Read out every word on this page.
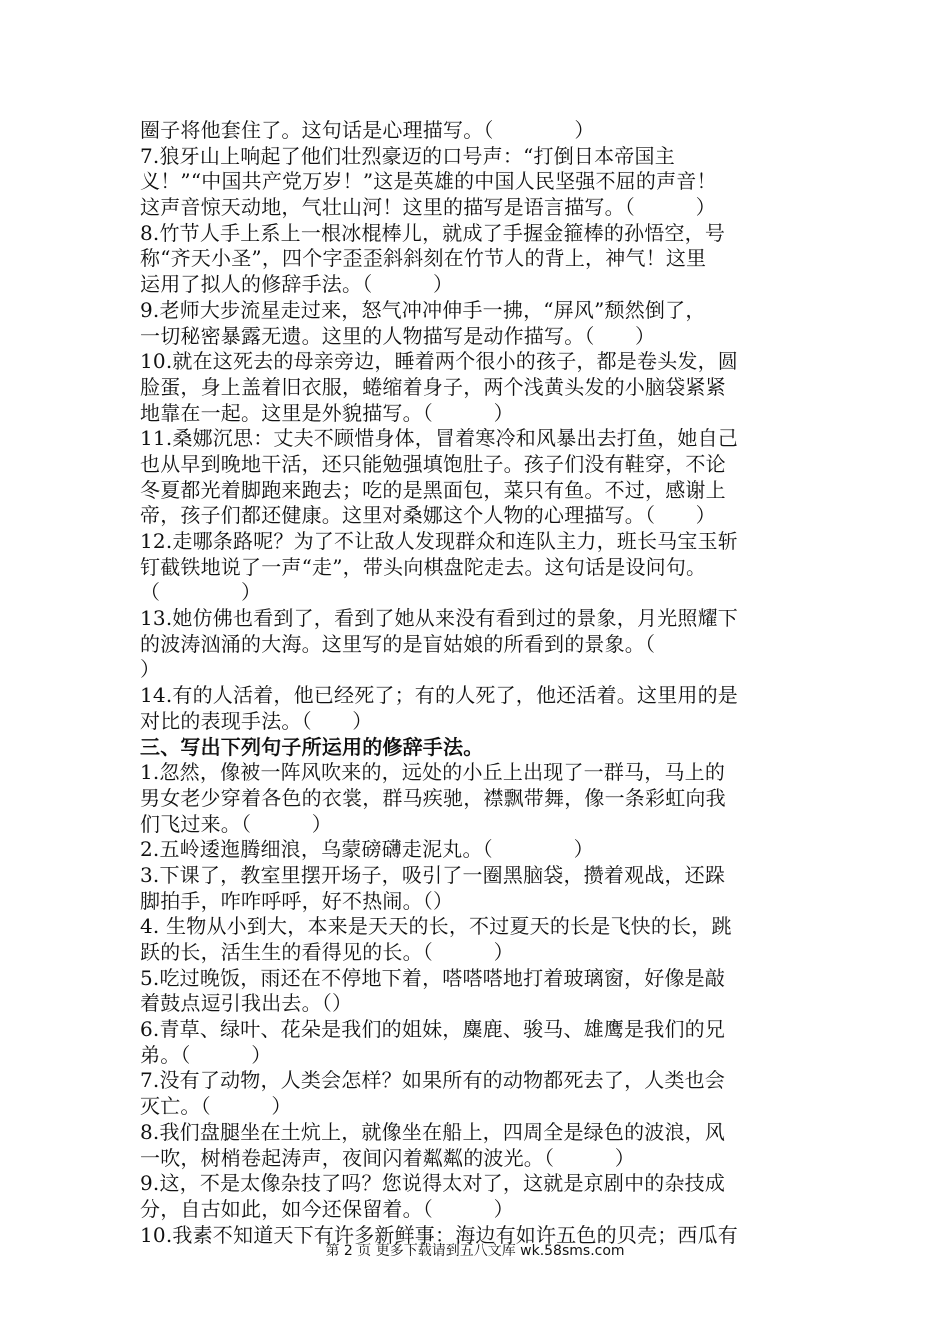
圈子将他套住了。这句话是心理描写。（　　　　）
7.狼牙山上响起了他们壮烈豪迈的口号声：“打倒日本帝国主
义！”“中国共产党万岁！”这是英雄的中国人民坚强不屈的声音！
这声音惊天动地，气壮山河！这里的描写是语言描写。（　　　）
8.竹节人手上系上一根冰棍棒儿，就成了手握金箍棒的孙悟空，号
称“齐天小圣”，四个字歪歪斜斜刻在竹节人的背上，神气！这里
运用了拟人的修辞手法。（　　　）
9.老师大步流星走过来，怒气冲冲伸手一拂，“屏风”颓然倒了，
一切秘密暴露无遗。这里的人物描写是动作描写。（　　）
10.就在这死去的母亲旁边，睡着两个很小的孩子，都是卷头发，圆
脸蛋，身上盖着旧衣服，蜷缩着身子，两个浅黄头发的小脑袋紧紧
地靠在一起。这里是外貌描写。（　　　）
11.桑娜沉思：丈夫不顾惜身体，冒着寒冷和风暴出去打鱼，她自己
也从早到晚地干活，还只能勉强填饱肚子。孩子们没有鞋穿，不论
冬夏都光着脚跑来跑去；吃的是黑面包，菜只有鱼。不过，感谢上
帝，孩子们都还健康。这里对桑娜这个人物的心理描写。（　　）
12.走哪条路呢？为了不让敌人发现群众和连队主力，班长马宝玉斩
钉截铁地说了一声“走”，带头向棋盘陀走去。这句话是设问句。
（　　　　）
13.她仿佛也看到了，看到了她从来没有看到过的景象，月光照耀下
的波涛汹涌的大海。这里写的是盲姑娘的所看到的景象。（
）
14.有的人活着，他已经死了；有的人死了，他还活着。这里用的是
对比的表现手法。（　　）
三、写出下列句子所运用的修辞手法。
1.忽然，像被一阵风吹来的，远处的小丘上出现了一群马，马上的
男女老少穿着各色的衣裳，群马疾驰，襟飘带舞，像一条彩虹向我
们飞过来。（　　　）
2.五岭逶迤腾细浪，乌蒙磅礴走泥丸。（　　　　）
3.下课了，教室里摆开场子，吸引了一圈黑脑袋，攒着观战，还跺
脚拍手，咋咋呼呼，好不热闹。（）
4. 生物从小到大，本来是天天的长，不过夏天的长是飞快的长，跳
跃的长，活生生的看得见的长。（　　　）
5.吃过晚饭，雨还在不停地下着，嗒嗒嗒地打着玻璃窗，好像是敲
着鼓点逗引我出去。（）
6.青草、绿叶、花朵是我们的姐妹，麋鹿、骏马、雄鹰是我们的兄
弟。（　　　）
7.没有了动物，人类会怎样？如果所有的动物都死去了，人类也会
灭亡。（　　　）
8.我们盘腿坐在土炕上，就像坐在船上，四周全是绿色的波浪，风
一吹，树梢卷起涛声，夜间闪着粼粼的波光。（　　　）
9.这，不是太像杂技了吗？您说得太对了，这就是京剧中的杂技成
分，自古如此，如今还保留着。（　　　）
10.我素不知道天下有许多新鲜事：海边有如许五色的贝壳；西瓜有
第 2 页 更多下载请到五八文库 wk.58sms.com
